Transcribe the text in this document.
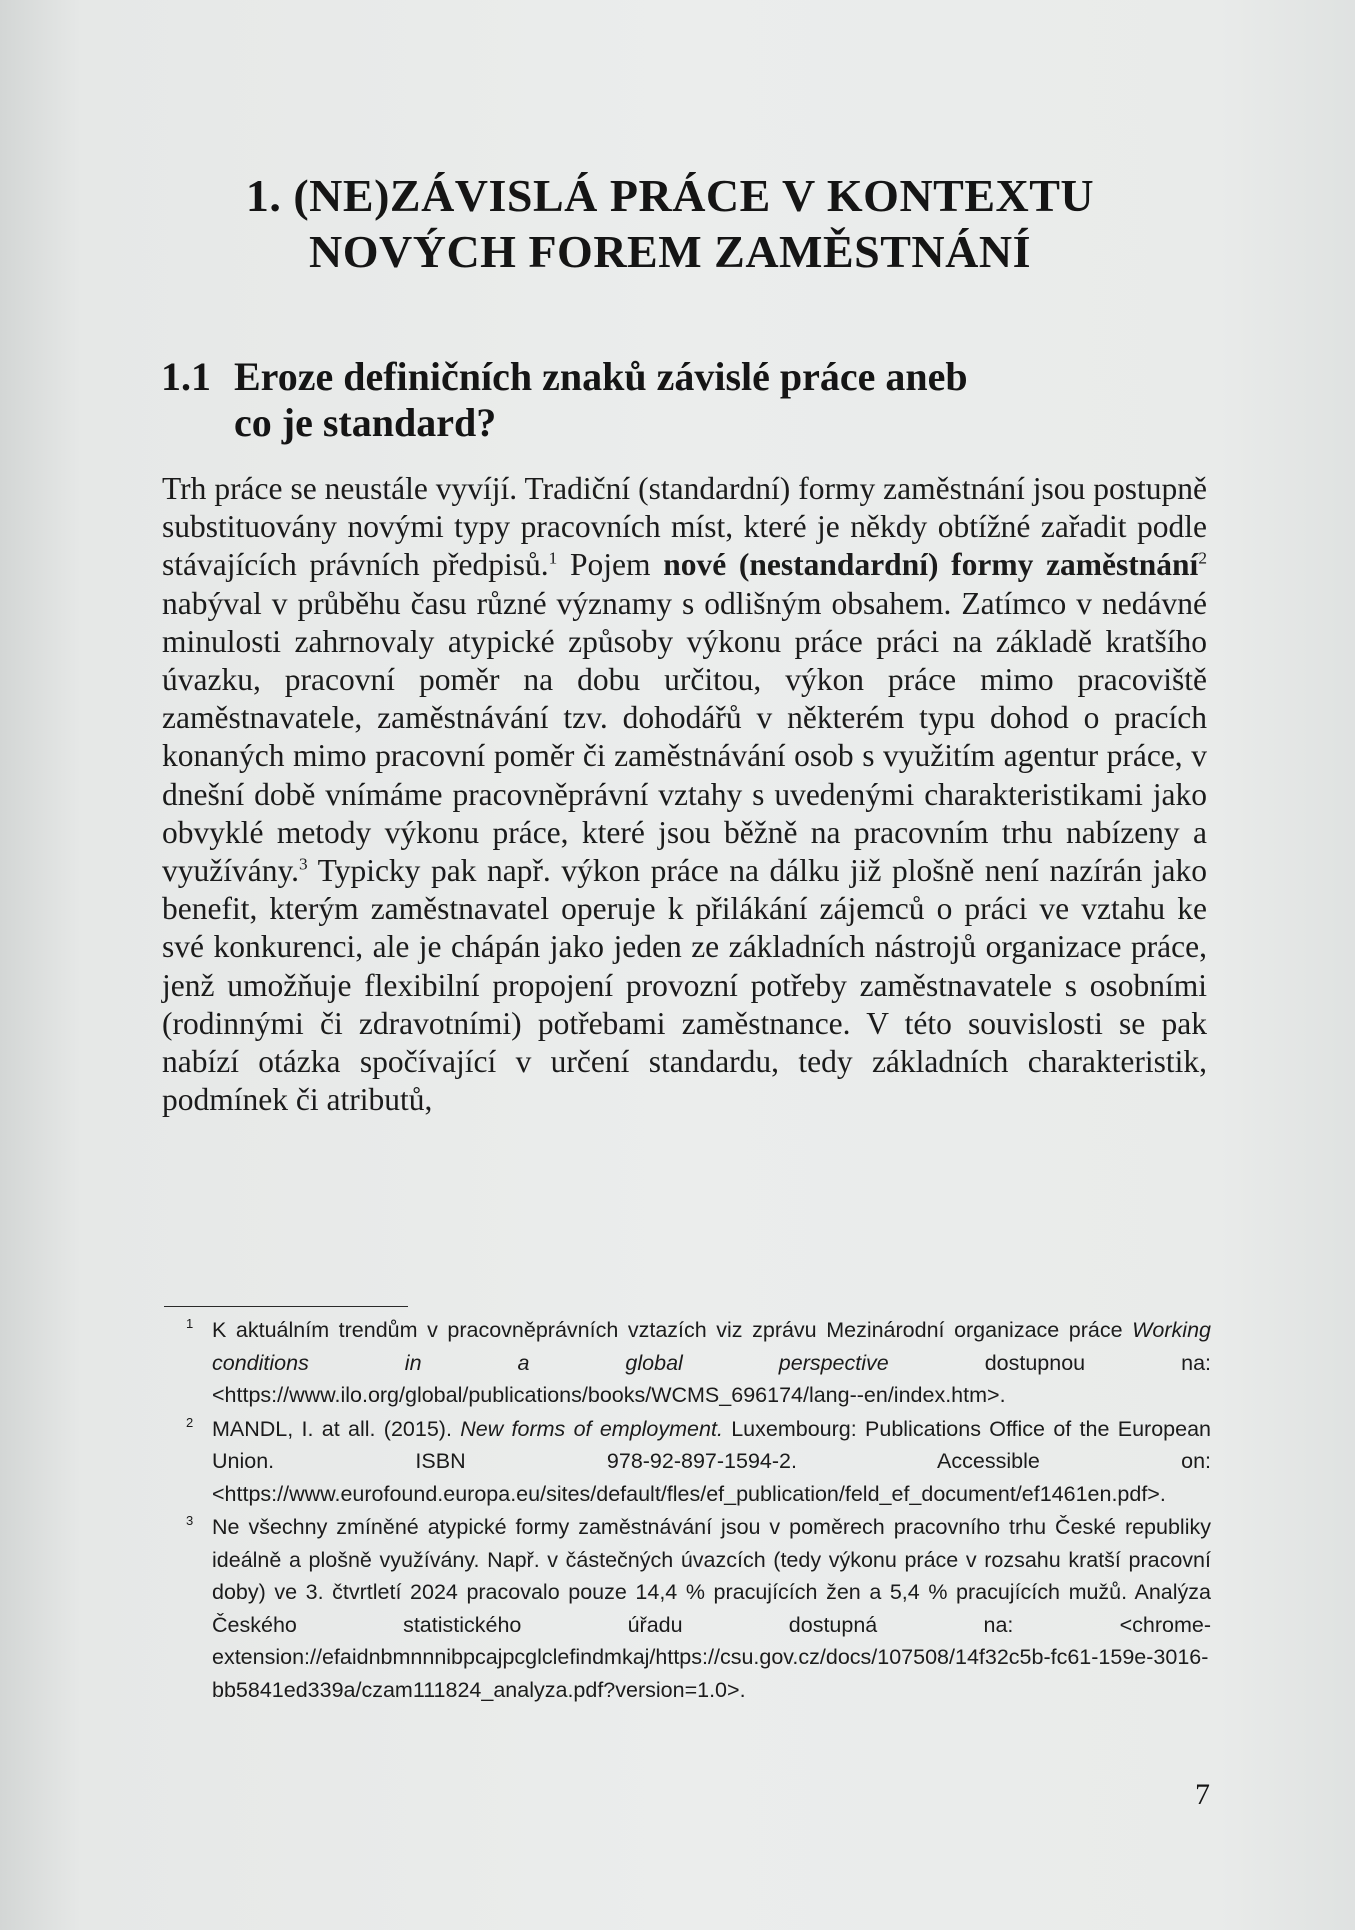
1. (NE)ZÁVISLÁ PRÁCE V KONTEXTU
NOVÝCH FOREM ZAMĚSTNÁNÍ
1.1 Eroze definičních znaků závislé práce aneb
co je standard?

Trh práce se neustále vyvíjí. Tradiční (standardní) formy zaměstnání jsou postupně substituovány novými typy pracovních míst, které je někdy obtížné zařadit podle stávajících právních předpisů.$^1$ Pojem nové (nestandardní) formy zaměstnání$^2$ nabýval v průběhu času různé významy s odlišným obsahem. Zatímco v nedávné minulosti zahrnovaly atypické způsoby výkonu práce práci na základě kratšího úvazku, pracovní poměr na dobu určitou, výkon práce mimo pracoviště zaměstnavatele, zaměstnávání tzv. dohodářů v některém typu dohod o pracích konaných mimo pracovní poměr či zaměstnávání osob s využitím agentur práce, v dnešní době vnímáme pracovněprávní vztahy s uvedenými charakteristikami jako obvyklé metody výkonu práce, které jsou běžně na pracovním trhu nabízeny a využívány.$^3$ Typicky pak např. výkon práce na dálku již plošně není nazírán jako benefit, kterým zaměstnavatel operuje k přilákání zájemců o práci ve vztahu ke své konkurenci, ale je chápán jako jeden ze základních nástrojů organizace práce, jenž umožňuje flexibilní propojení provozní potřeby zaměstnavatele s osobními (rodinnými či zdravotními) potřebami zaměstnance. V této souvislosti se pak nabízí otázka spočívající v určení standardu, tedy základních charakteristik, podmínek či atributů,

1 K aktuálním trendům v pracovněprávních vztazích viz zprávu Mezinárodní organizace práce Working conditions in a global perspective dostupnou na: <https://www.ilo.org/global/publications/books/WCMS_696174/lang--en/index.htm>.
2 MANDL, I. at all. (2015). New forms of employment. Luxembourg: Publications Office of the European Union. ISBN 978-92-897-1594-2. Accessible on: <https://www.eurofound.europa.eu/sites/default/fles/ef_publication/feld_ef_document/ef1461en.pdf>.
3 Ne všechny zmíněné atypické formy zaměstnávání jsou v poměrech pracovního trhu České republiky ideálně a plošně využívány. Např. v částečných úvazcích (tedy výkonu práce v rozsahu kratší pracovní doby) ve 3. čtvrtletí 2024 pracovalo pouze 14,4 % pracujících žen a 5,4 % pracujících mužů. Analýza Českého statistického úřadu dostupná na: <chrome-extension://efaidnbmnnnibpcajpcglclefindmkaj/https://csu.gov.cz/docs/107508/14f32c5b-fc61-159e-3016-bb5841ed339a/czam111824_analyza.pdf?version=1.0>.
7
